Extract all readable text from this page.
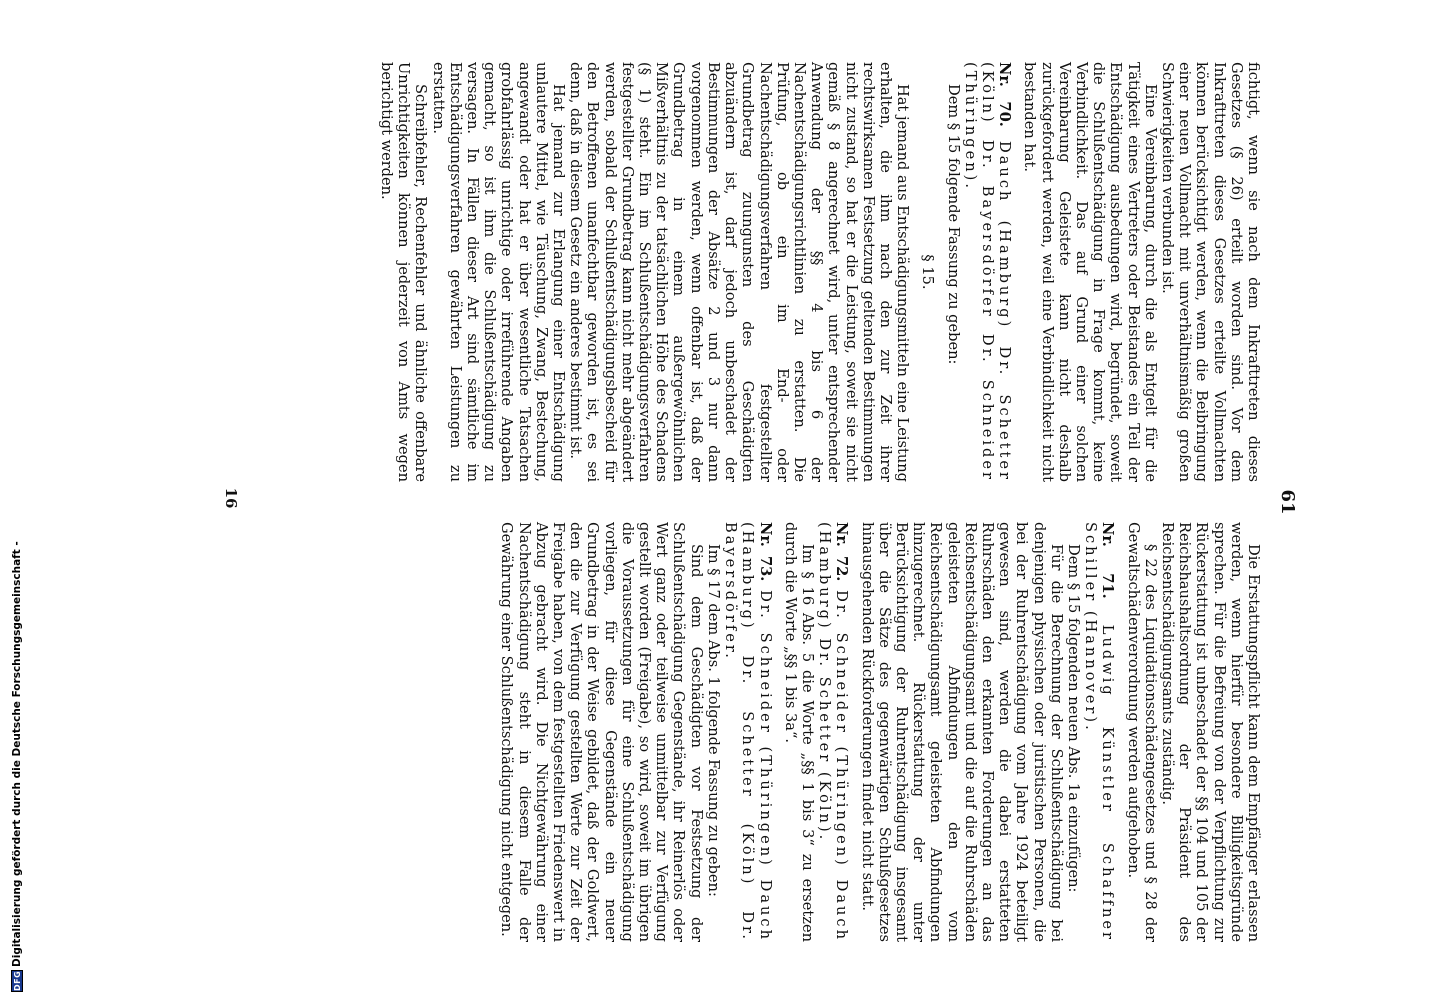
DFG
Digitalisierung gefördert durch die Deutsche Forschungsgemeinschaft -
61

fichtigt, wenn sie nach dem Inkrafttreten dieses Gesetzes (§ 26) erteilt worden sind. Vor dem Inkrafttreten dieses Gesetzes erteilte Vollmachten können berücksichtigt werden, wenn die Beibringung einer neuen Vollmacht mit unverhältnismäßig großen Schwierigkeiten verbunden ist.

Eine Vereinbarung, durch die als Entgelt für die Tätigkeit eines Vertreters oder Beistandes ein Teil der Entschädigung ausbedungen wird, begründet, soweit die Schlußentschädigung in Frage kommt, keine Verbindlichkeit. Das auf Grund einer solchen Vereinbarung Geleistete kann nicht deshalb zurückgefordert werden, weil eine Verbindlichkeit nicht bestanden hat.

Nr. 70. Dauch (Hamburg) Dr. Schetter (Köln) Dr. Bayersdörfer Dr. Schneider (Thüringen).

Dem § 15 folgende Fassung zu geben:

§ 15.

Hat jemand aus Entschädigungsmitteln eine Leistung erhalten, die ihm nach den zur Zeit ihrer rechtswirksamen Festsetzung geltenden Bestimmungen nicht zustand, so hat er die Leistung, soweit sie nicht gemäß § 8 angerechnet wird, unter entsprechender Anwendung der §§ 4 bis 6 der Nachentschädigungsrichtlinien zu erstatten. Die Prüfung, ob ein im End- oder Nachentschädigungsverfahren festgestellter Grundbetrag zuungunsten des Geschädigten abzuändern ist, darf jedoch unbeschadet der Bestimmungen der Absätze 2 und 3 nur dann vorgenommen werden, wenn offenbar ist, daß der Grundbetrag in einem außergewöhnlichen Mißverhältnis zu der tatsächlichen Höhe des Schadens (§ 1) steht. Ein im Schlußentschädigungsverfahren festgestellter Grundbetrag kann nicht mehr abgeändert werden, sobald der Schlußentschädigungsbescheid für den Betroffenen unanfechtbar geworden ist, es sei denn, daß in diesem Gesetz ein anderes bestimmt ist.

Hat jemand zur Erlangung einer Entschädigung unlautere Mittel, wie Täuschung, Zwang, Bestechung, angewandt oder hat er über wesentliche Tatsachen grobfahrlässig unrichtige oder irreführende Angaben gemacht, so ist ihm die Schlußentschädigung zu versagen. In Fällen dieser Art sind sämtliche im Entschädigungsverfahren gewährten Leistungen zu erstatten.

Schreibfehler, Rechenfehler und ähnliche offenbare Unrichtigkeiten können jederzeit von Amts wegen berichtigt werden.

Die Erstattungspflicht kann dem Empfänger erlassen werden, wenn hierfür besondere Billigkeitsgründe sprechen. Für die Befreiung von der Verpflichtung zur Rückerstattung ist unbeschadet der §§ 104 und 105 der Reichshaushaltsordnung der Präsident des Reichsentschädigungsamts zuständig.

§ 22 des Liquidationsschädengesetzes und § 28 der Gewaltschädenverordnung werden aufgehoben.

Nr. 71. Ludwig Künstler Schaffner Schiller (Hannover).

Dem § 15 folgenden neuen Abs. 1a einzufügen:

Für die Berechnung der Schlußentschädigung bei denjenigen physischen oder juristischen Personen, die bei der Ruhrentschädigung vom Jahre 1924 beteiligt gewesen sind, werden die dabei erstatteten Ruhrschäden den erkannten Forderungen an das Reichsentschädigungsamt und die auf die Ruhrschäden geleisteten Abfindungen den vom Reichsentschädigungsamt geleisteten Abfindungen hinzugerechnet. Rückerstattung der unter Berücksichtigung der Ruhrentschädigung insgesamt über die Sätze des gegenwärtigen Schlußgesetzes hinausgehenden Rückforderungen findet nicht statt.

Nr. 72. Dr. Schneider (Thüringen) Dauch (Hamburg) Dr. Schetter (Köln).

Im § 16 Abs. 5 die Worte „§§ 1 bis 3“ zu ersetzen durch die Worte „§§ 1 bis 3a“.

Nr. 73. Dr. Schneider (Thüringen) Dauch (Hamburg) Dr. Schetter (Köln) Dr. Bayersdörfer.

Im § 17 dem Abs. 1 folgende Fassung zu geben:

Sind dem Geschädigten vor Festsetzung der Schlußentschädigung Gegenstände, ihr Reinerlös oder Wert ganz oder teilweise unmittelbar zur Verfügung gestellt worden (Freigabe), so wird, soweit im übrigen die Voraussetzungen für eine Schlußentschädigung vorliegen, für diese Gegenstände ein neuer Grundbetrag in der Weise gebildet, daß der Goldwert, den die zur Verfügung gestellten Werte zur Zeit der Freigabe haben, von dem festgestellten Friedenswert in Abzug gebracht wird. Die Nichtgewährung einer Nachentschädigung steht in diesem Falle der Gewährung einer Schlußentschädigung nicht entgegen.

16
